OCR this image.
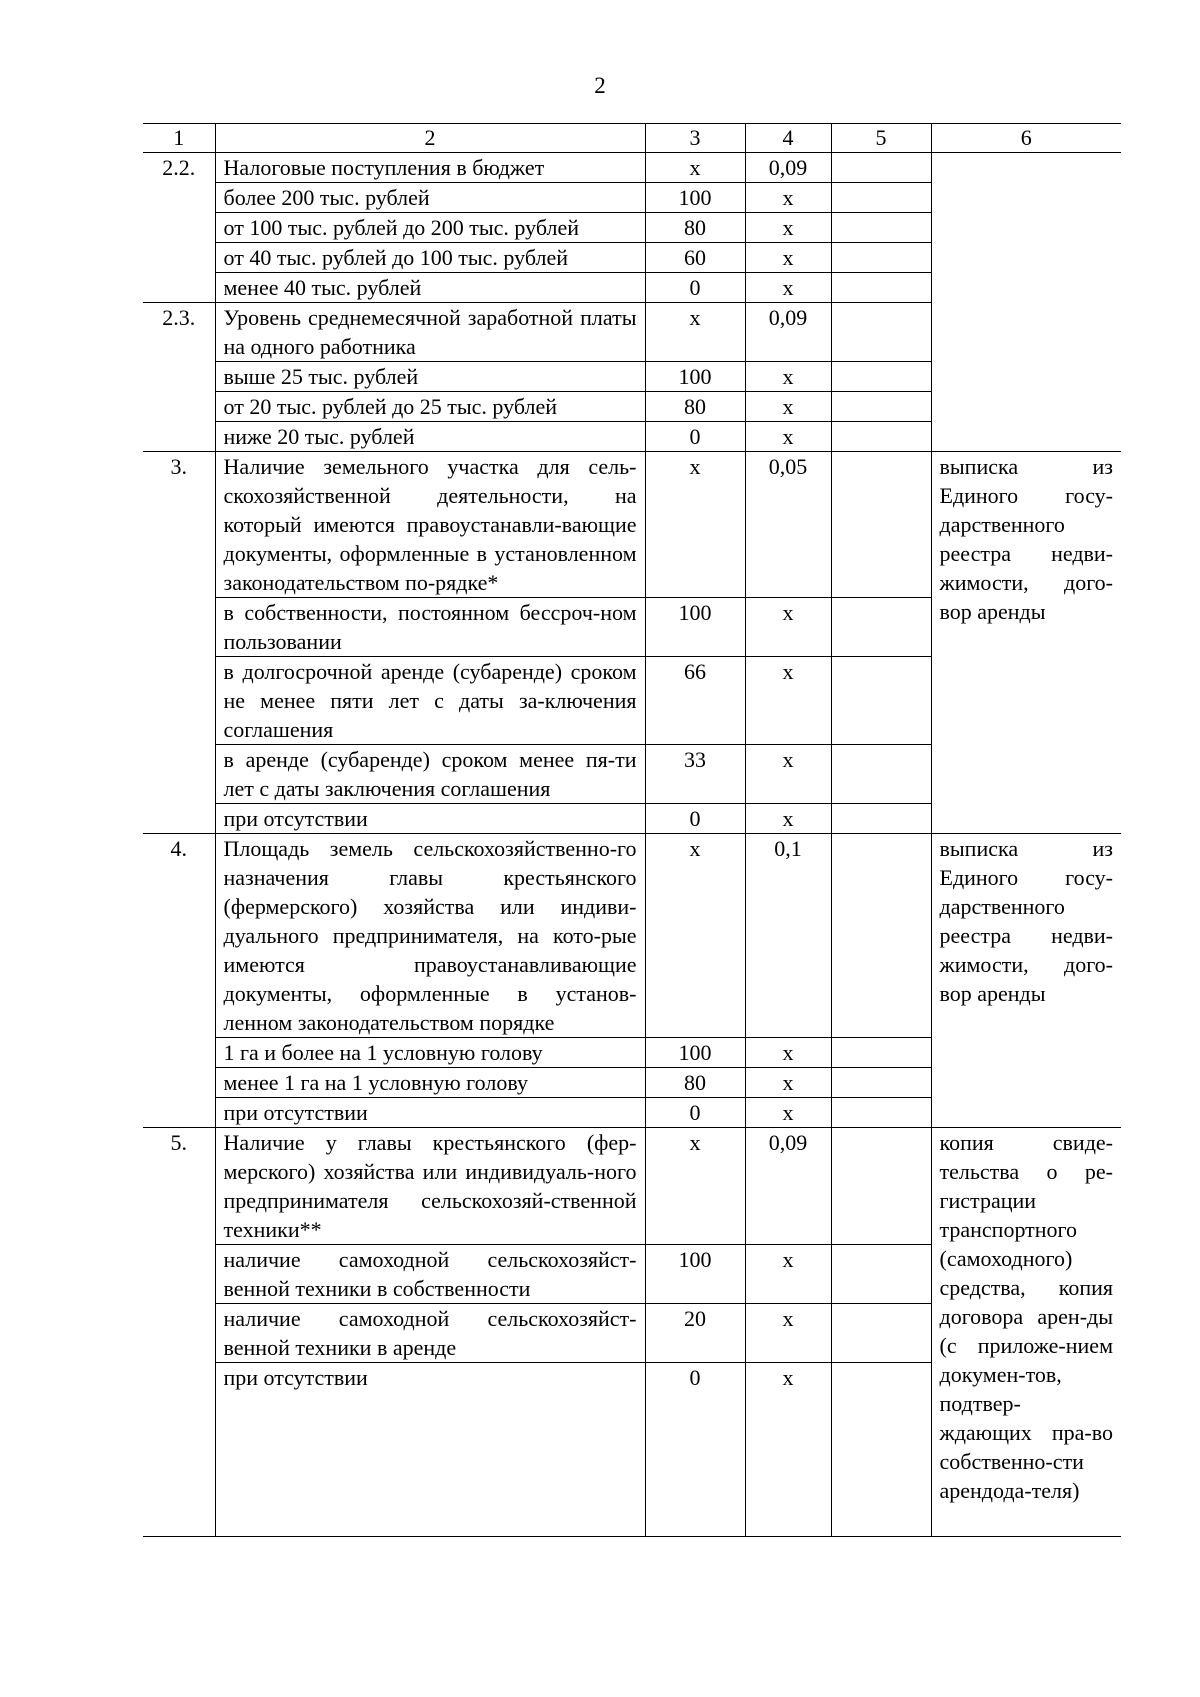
2
1	2	3	4	5	6
2.2.	Налоговые поступления в бюджет	х	0,09		
	более 200 тыс. рублей	100	х		
	от 100 тыс. рублей до 200 тыс. рублей	80	х		
	от 40 тыс. рублей до 100 тыс. рублей	60	х		
	менее 40 тыс. рублей	0	х		
2.3.	Уровень среднемесячной заработной платы на одного работника	х	0,09		
	выше 25 тыс. рублей	100	х		
	от 20 тыс. рублей до 25 тыс. рублей	80	х		
	ниже 20 тыс. рублей	0	х		
3.	Наличие земельного участка для сель-скохозяйственной деятельности, на который имеются правоустанавли-вающие документы, оформленные в установленном законодательством по-рядке*	х	0,05		выписка из Единого госу-дарственного реестра недви-жимости, дого-вор аренды
	в собственности, постоянном бессроч-ном пользовании	100	х		
	в долгосрочной аренде (субаренде) сроком не менее пяти лет с даты за-ключения соглашения	66	х		
	в аренде (субаренде) сроком менее пя-ти лет с даты заключения соглашения	33	х		
	при отсутствии	0	х		
4.	Площадь земель сельскохозяйственно-го назначения главы крестьянского (фермерского) хозяйства или индиви-дуального предпринимателя, на кото-рые имеются правоустанавливающие документы, оформленные в установ-ленном законодательством порядке	х	0,1		выписка из Единого госу-дарственного реестра недви-жимости, дого-вор аренды
	1 га и более на 1 условную голову	100	х		
	менее 1 га на 1 условную голову	80	х		
	при отсутствии	0	х		
5.	Наличие у главы крестьянского (фер-мерского) хозяйства или индивидуаль-ного предпринимателя сельскохозяй-ственной техники**	х	0,09		копия свиде-тельства о ре-гистрации транспортного (самоходного) средства, копия договора арен-ды (с приложе-нием докумен-тов, подтвер-ждающих пра-во собственно-сти арендода-теля)
	наличие самоходной сельскохозяйст-венной техники в собственности	100	х		
	наличие самоходной сельскохозяйст-венной техники в аренде	20	х		
	при отсутствии	0	х		
